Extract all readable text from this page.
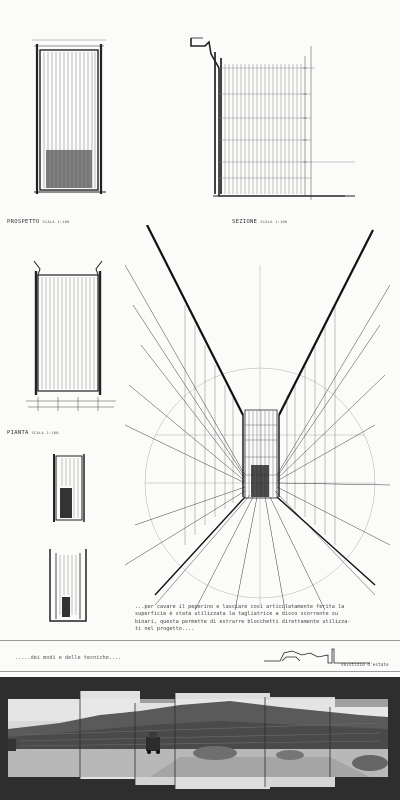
PROSPETTO SCALA 1:100	SEZIONE SCALA 1:100
PIANTA SCALA 1:100
...per cavare il peperino e lasciare così articolatamente ferita la
superficie è stata utilizzata la tagliatrice a disco scorrente su
binari, questa permette di estrarre blocchetti direttamente utilizza-
ti nel progetto....
.....dei modi e delle tecniche....
solstizio d'estate
